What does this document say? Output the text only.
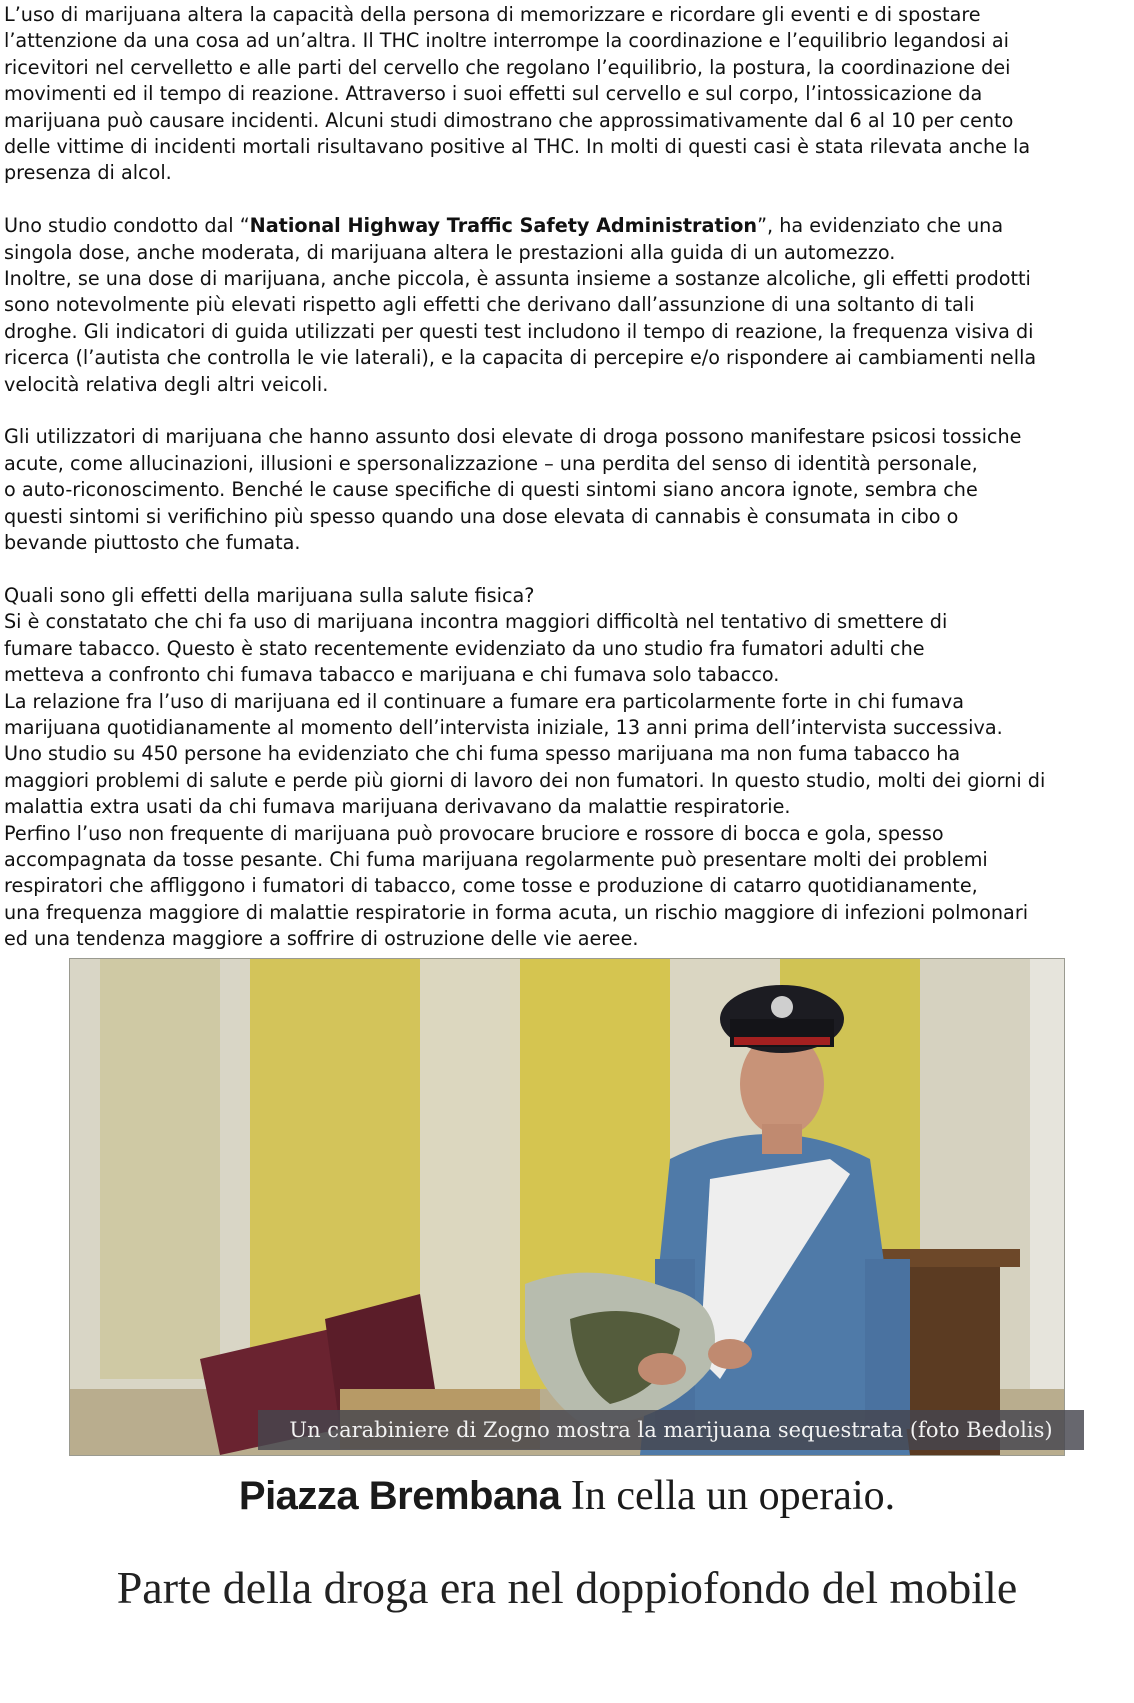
L’uso di marijuana altera la capacità della persona di memorizzare e ricordare gli eventi e di spostare
l’attenzione da una cosa ad un’altra. Il THC inoltre interrompe la coordinazione e l’equilibrio legandosi ai
ricevitori nel cervelletto e alle parti del cervello che regolano l’equilibrio, la postura, la coordinazione dei
movimenti ed il tempo di reazione. Attraverso i suoi effetti sul cervello e sul corpo, l’intossicazione da
marijuana può causare incidenti. Alcuni studi dimostrano che approssimativamente dal 6 al 10 per cento
delle vittime di incidenti mortali risultavano positive al THC. In molti di questi casi è stata rilevata anche la
presenza di alcol.

Uno studio condotto dal “National Highway Traffic Safety Administration”, ha evidenziato che una
singola dose, anche moderata, di marijuana altera le prestazioni alla guida di un automezzo.
Inoltre, se una dose di marijuana, anche piccola, è assunta insieme a sostanze alcoliche, gli effetti prodotti
sono notevolmente più elevati rispetto agli effetti che derivano dall’assunzione di una soltanto di tali
droghe. Gli indicatori di guida utilizzati per questi test includono il tempo di reazione, la frequenza visiva di
ricerca (l’autista che controlla le vie laterali), e la capacita di percepire e/o rispondere ai cambiamenti nella
velocità relativa degli altri veicoli.

Gli utilizzatori di marijuana che hanno assunto dosi elevate di droga possono manifestare psicosi tossiche
acute, come allucinazioni, illusioni e spersonalizzazione – una perdita del senso di identità personale,
o auto-riconoscimento. Benché le cause specifiche di questi sintomi siano ancora ignote, sembra che
questi sintomi si verifichino più spesso quando una dose elevata di cannabis è consumata in cibo o
bevande piuttosto che fumata.

Quali sono gli effetti della marijuana sulla salute fisica?
Si è constatato che chi fa uso di marijuana incontra maggiori difficoltà nel tentativo di smettere di
fumare tabacco. Questo è stato recentemente evidenziato da uno studio fra fumatori adulti che
metteva a confronto chi fumava tabacco e marijuana e chi fumava solo tabacco.
La relazione fra l’uso di marijuana ed il continuare a fumare era particolarmente forte in chi fumava
marijuana quotidianamente al momento dell’intervista iniziale, 13 anni prima dell’intervista successiva.
Uno studio su 450 persone ha evidenziato che chi fuma spesso marijuana ma non fuma tabacco ha
maggiori problemi di salute e perde più giorni di lavoro dei non fumatori. In questo studio, molti dei giorni di
malattia extra usati da chi fumava marijuana derivavano da malattie respiratorie.
Perfino l’uso non frequente di marijuana può provocare bruciore e rossore di bocca e gola, spesso
accompagnata da tosse pesante. Chi fuma marijuana regolarmente può presentare molti dei problemi
respiratori che affliggono i fumatori di tabacco, come tosse e produzione di catarro quotidianamente,
una frequenza maggiore di malattie respiratorie in forma acuta, un rischio maggiore di infezioni polmonari
ed una tendenza maggiore a soffrire di ostruzione delle vie aeree.

Un carabiniere di Zogno mostra la marijuana sequestrata (foto Bedolis)
Piazza Brembana In cella un operaio.
Parte della droga era nel doppiofondo del mobile
